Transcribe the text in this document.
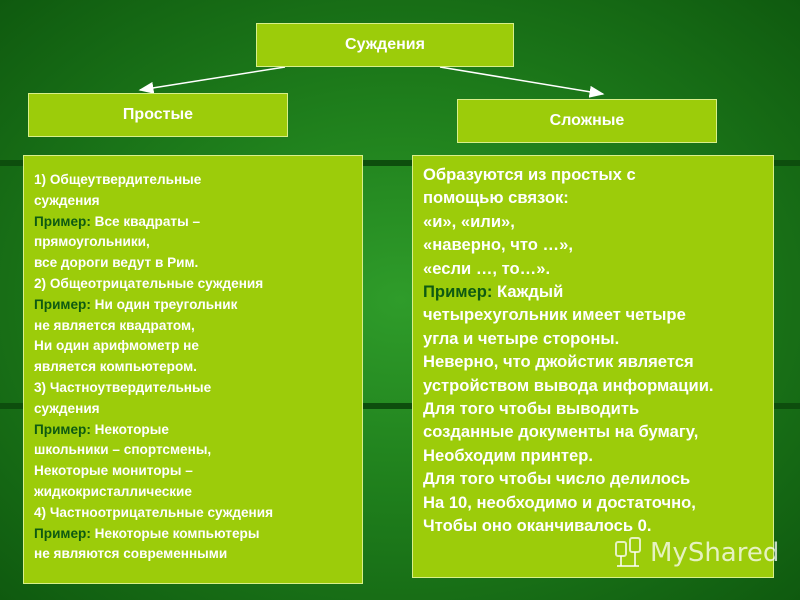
Суждения
Простые	Сложные
1) Общеутвердительные
суждения
Пример: Все квадраты –
прямоугольники,
все дороги ведут в Рим.
2) Общеотрицательные суждения
Пример: Ни один треугольник
не является квадратом,
Ни один арифмометр не
является компьютером.
3) Частноутвердительные
суждения
Пример: Некоторые
школьники – спортсмены,
Некоторые мониторы –
жидкокристаллические
4) Частноотрицательные суждения
Пример: Некоторые компьютеры
не являются современными
Образуются из простых с
помощью связок:
«и», «или»,
«наверно, что …»,
«если …, то…».
Пример: Каждый
четырехугольник имеет четыре
угла и четыре стороны.
Неверно, что джойстик является
устройством вывода информации.
Для того чтобы выводить
созданные документы на бумагу,
Необходим принтер.
Для того чтобы число делилось
На 10, необходимо и достаточно,
Чтобы оно оканчивалось 0.
MyShared
